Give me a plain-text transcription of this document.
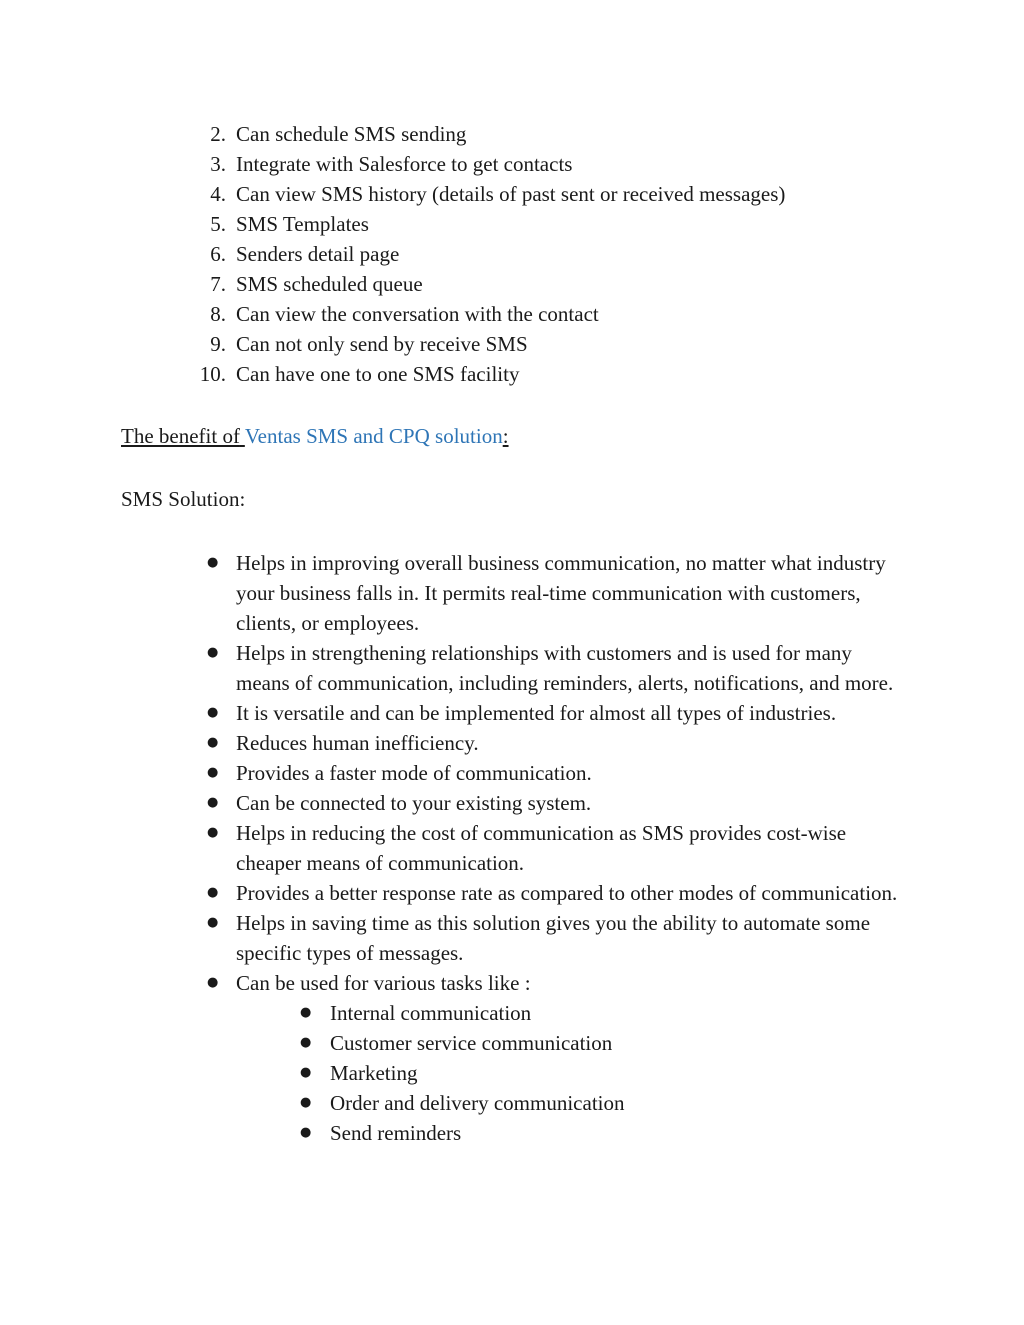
2. Can schedule SMS sending
3. Integrate with Salesforce to get contacts
4. Can view SMS history (details of past sent or received messages)
5. SMS Templates
6. Senders detail page
7. SMS scheduled queue
8. Can view the conversation with the contact
9. Can not only send by receive SMS
10. Can have one to one SMS facility
The benefit of Ventas SMS and CPQ solution:
SMS Solution:
● Helps in improving overall business communication, no matter what industry your business falls in. It permits real-time communication with customers, clients, or employees.
● Helps in strengthening relationships with customers and is used for many means of communication, including reminders, alerts, notifications, and more.
● It is versatile and can be implemented for almost all types of industries.
● Reduces human inefficiency.
● Provides a faster mode of communication.
● Can be connected to your existing system.
● Helps in reducing the cost of communication as SMS provides cost-wise cheaper means of communication.
● Provides a better response rate as compared to other modes of communication.
● Helps in saving time as this solution gives you the ability to automate some specific types of messages.
● Can be used for various tasks like :
● Internal communication
● Customer service communication
● Marketing
● Order and delivery communication
● Send reminders
